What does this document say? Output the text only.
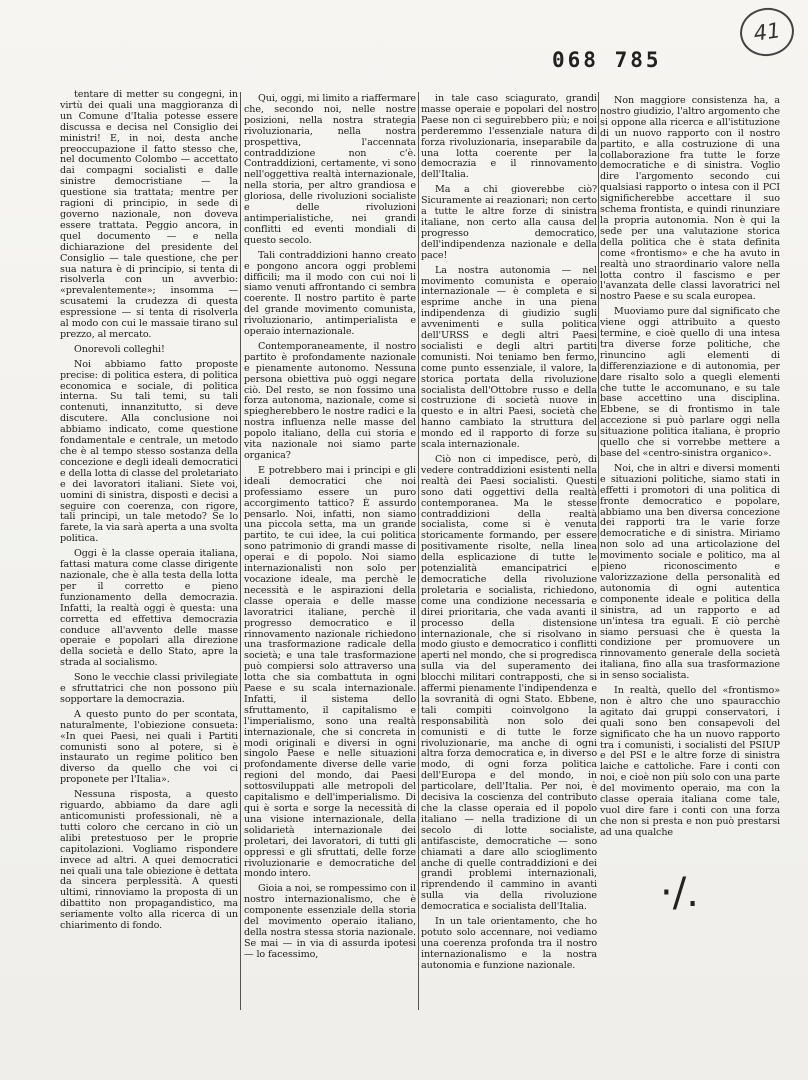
41
068 785

tentare di metter su congegni, in virtù dei quali una maggioranza di un Comune d'Italia potesse essere discussa e decisa nel Consiglio dei ministri! E, in noi, desta anche preoccupazione il fatto stesso che, nel documento Colombo — accettato dai compagni socialisti e dalle sinistre democristiane — la questione sia trattata; mentre per ragioni di principio, in sede di governo nazionale, non doveva essere trattata. Peggio ancora, in quel documento — e nella dichiarazione del presidente del Consiglio — tale questione, che per sua natura è di principio, si tenta di risolverla con un avverbio: «prevalentemente»; insomma — scusatemi la crudezza di questa espressione — si tenta di risolverla al modo con cui le massaie tirano sul prezzo, al mercato.

Onorevoli colleghi!

Noi abbiamo fatto proposte precise: di politica estera, di politica economica e sociale, di politica interna. Su tali temi, su tali contenuti, innanzitutto, si deve discutere. Alla conclusione noi abbiamo indicato, come questione fondamentale e centrale, un metodo che è al tempo stesso sostanza della concezione e degli ideali democratici e della lotta di classe del proletariato e dei lavoratori italiani. Siete voi, uomini di sinistra, disposti e decisi a seguire con coerenza, con rigore, tali principi, un tale metodo? Se lo farete, la via sarà aperta a una svolta politica.

Oggi è la classe operaia italiana, fattasi matura come classe dirigente nazionale, che è alla testa della lotta per il corretto e pieno funzionamento della democrazia. Infatti, la realtà oggi è questa: una corretta ed effettiva democrazia conduce all'avvento delle masse operaie e popolari alla direzione della società e dello Stato, apre la strada al socialismo.

Sono le vecchie classi privilegiate e sfruttatrici che non possono più sopportare la democrazia.

A questo punto do per scontata, naturalmente, l'obiezione consueta: «In quei Paesi, nei quali i Partiti comunisti sono al potere, si è instaurato un regime politico ben diverso da quello che voi ci proponete per l'Italia».

Nessuna risposta, a questo riguardo, abbiamo da dare agli anticomunisti professionali, nè a tutti coloro che cercano in ciò un alibi pretestuoso per le proprie capitolazioni. Vogliamo rispondere invece ad altri. A quei democratici nei quali una tale obiezione è dettata da sincera perplessità. A questi ultimi, rinnoviamo la proposta di un dibattito non propagandistico, ma seriamente volto alla ricerca di un chiarimento di fondo.

Qui, oggi, mi limito a riaffermare che, secondo noi, nelle nostre posizioni, nella nostra strategia rivoluzionaria, nella nostra prospettiva, l'accennata contraddizione non c'è. Contraddizioni, certamente, vi sono nell'oggettiva realtà internazionale, nella storia, per altro grandiosa e gloriosa, delle rivoluzioni socialiste e delle rivoluzioni antimperialistiche, nei grandi conflitti ed eventi mondiali di questo secolo.

Tali contraddizioni hanno creato e pongono ancora oggi problemi difficili; ma il modo con cui noi li siamo venuti affrontando ci sembra coerente. Il nostro partito è parte del grande movimento comunista, rivoluzionario, antimperialista e operaio internazionale.

Contemporaneamente, il nostro partito è profondamente nazionale e pienamente autonomo. Nessuna persona obiettiva può oggi negare ciò. Del resto, se non fossimo una forza autonoma, nazionale, come si spiegherebbero le nostre radici e la nostra influenza nelle masse del popolo italiano, della cui storia e vita nazionale noi siamo parte organica?

E potrebbero mai i principi e gli ideali democratici che noi professiamo essere un puro accorgimento tattico? È assurdo pensarlo. Noi, infatti, non siamo una piccola setta, ma un grande partito, te cui idee, la cui politica sono patrimonio di grandi masse di operai e di popolo. Noi siamo internazionalisti non solo per vocazione ideale, ma perchè le necessità e le aspirazioni della classe operaia e delle masse lavoratrici italiane, perchè il progresso democratico e il rinnovamento nazionale richiedono una trasformazione radicale della società; e una tale trasformazione può compiersi solo attraverso una lotta che sia combattuta in ogni Paese e su scala internazionale. Infatti, il sistema dello sfruttamento, il capitalismo e l'imperialismo, sono una realtà internazionale, che si concreta in modi originali e diversi in ogni singolo Paese e nelle situazioni profondamente diverse delle varie regioni del mondo, dai Paesi sottosviluppati alle metropoli del capitalismo e dell'imperialismo. Di qui è sorta e sorge la necessità di una visione internazionale, della solidarietà internazionale dei proletari, dei lavoratori, di tutti gli oppressi e gli sfruttati, delle forze rivoluzionarie e democratiche del mondo intero.

Gioia a noi, se rompessimo con il nostro internazionalismo, che è componente essenziale della storia del movimento operaio italiano, della nostra stessa storia nazionale. Se mai — in via di assurda ipotesi — lo facessimo,

in tale caso sciagurato, grandi masse operaie e popolari del nostro Paese non ci seguirebbero più; e noi perderemmo l'essenziale natura di forza rivoluzionaria, inseparabile da una lotta coerente per la democrazia e il rinnovamento dell'Italia.

Ma a chi gioverebbe ciò? Sicuramente ai reazionari; non certo a tutte le altre forze di sinistra italiane, non certo alla causa del progresso democratico, dell'indipendenza nazionale e della pace!

La nostra autonomia — nel movimento comunista e operaio internazionale — è completa e si esprime anche in una piena indipendenza di giudizio sugli avvenimenti e sulla politica dell'URSS e degli altri Paesi socialisti e degli altri partiti comunisti. Noi teniamo ben fermo, come punto essenziale, il valore, la storica portata della rivoluzione socialista dell'Ottobre russo e della costruzione di società nuove in questo e in altri Paesi, società che hanno cambiato la struttura del mondo ed il rapporto di forze su scala internazionale.

Ciò non ci impedisce, però, di vedere contraddizioni esistenti nella realtà dei Paesi socialisti. Questi sono dati oggettivi della realtà contemporanea. Ma le stesse contraddizioni della realtà socialista, come si è venuta storicamente formando, per essere positivamente risolte, nella linea della esplicazione di tutte le potenzialità emancipatrici e democratiche della rivoluzione proletaria e socialista, richiedono, come una condizione necessaria e direi prioritaria, che vada avanti il processo della distensione internazionale, che si risolvano in modo giusto e democratico i conflitti aperti nel mondo, che si progredisca sulla via del superamento dei blocchi militari contrapposti, che si affermi pienamente l'indipendenza e la sovranità di ogni Stato. Ebbene, tali compiti coinvolgono la responsabilità non solo dei comunisti e di tutte le forze rivoluzionarie, ma anche di ogni altra forza democratica e, in diverso modo, di ogni forza politica dell'Europa e del mondo, in particolare, dell'Italia. Per noi, è decisiva la coscienza del contributo che la classe operaia ed il popolo italiano — nella tradizione di un secolo di lotte socialiste, antifasciste, democratiche — sono chiamati a dare allo scioglimento anche di quelle contraddizioni e dei grandi problemi internazionali, riprendendo il cammino in avanti sulla via della rivoluzione democratica e socialista dell'Italia.

In un tale orientamento, che ho potuto solo accennare, noi vediamo una coerenza profonda tra il nostro internazionalismo e la nostra autonomia e funzione nazionale.

Non maggiore consistenza ha, a nostro giudizio, l'altro argomento che si oppone alla ricerca e all'istituzione di un nuovo rapporto con il nostro partito, e alla costruzione di una collaborazione fra tutte le forze democratiche e di sinistra. Voglio dire l'argomento secondo cui qualsiasi rapporto o intesa con il PCI significherebbe accettare il suo schema frontista, e quindi rinunziare la propria autonomia. Non è qui la sede per una valutazione storica della politica che è stata definita come «frontismo» e che ha avuto in realtà uno straordinario valore nella lotta contro il fascismo e per l'avanzata delle classi lavoratrici nel nostro Paese e su scala europea.

Muoviamo pure dal significato che viene oggi attribuito a questo termine, e cioè quello di una intesa tra diverse forze politiche, che rinuncino agli elementi di differenziazione e di autonomia, per dare risalto solo a quegli elementi che tutte le accomunano, e su tale base accettino una disciplina. Ebbene, se di frontismo in tale accezione si può parlare oggi nella situazione politica italiana, è proprio quello che si vorrebbe mettere a base del «centro-sinistra organico».

Noi, che in altri e diversi momenti e situazioni politiche, siamo stati in effetti i promotori di una politica di fronte democratico e popolare, abbiamo una ben diversa concezione dei rapporti tra le varie forze democratiche e di sinistra. Miriamo non solo ad una articolazione del movimento sociale e politico, ma al pieno riconoscimento e valorizzazione della personalità ed autonomia di ogni autentica componente ideale e politica della sinistra, ad un rapporto e ad un'intesa tra eguali. E ciò perchè siamo persuasi che è questa la condizione per promuovere un rinnovamento generale della società italiana, fino alla sua trasformazione in senso socialista.

In realtà, quello del «frontismo» non è altro che uno spauracchio agitato dai gruppi conservatori, i quali sono ben consapevoli del significato che ha un nuovo rapporto tra i comunisti, i socialisti del PSIUP e del PSI e le altre forze di sinistra laiche e cattoliche. Fare i conti con noi, e cioè non più solo con una parte del movimento operaio, ma con la classe operaia italiana come tale, vuol dire fare i conti con una forza che non si presta e non può prestarsi ad una qualche

·/.
